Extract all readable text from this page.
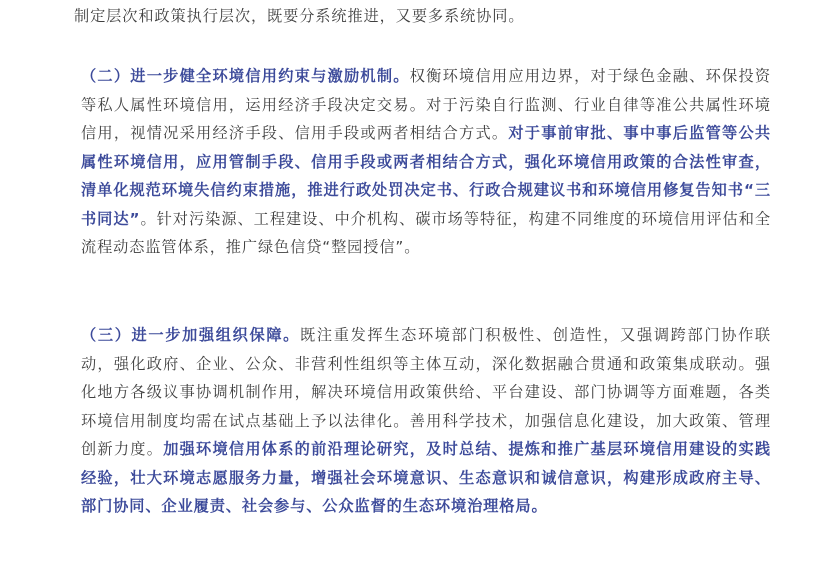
制定层次和政策执行层次，既要分系统推进，又要多系统协同。

（二）进一步健全环境信用约束与激励机制。权衡环境信用应用边界，对于绿色金融、环保投资等私人属性环境信用，运用经济手段决定交易。对于污染自行监测、行业自律等准公共属性环境信用，视情况采用经济手段、信用手段或两者相结合方式。对于事前审批、事中事后监管等公共属性环境信用，应用管制手段、信用手段或两者相结合方式，强化环境信用政策的合法性审查，清单化规范环境失信约束措施，推进行政处罚决定书、行政合规建议书和环境信用修复告知书“三书同达”。针对污染源、工程建设、中介机构、碳市场等特征，构建不同维度的环境信用评估和全流程动态监管体系，推广绿色信贷“整园授信”。

（三）进一步加强组织保障。既注重发挥生态环境部门积极性、创造性，又强调跨部门协作联动，强化政府、企业、公众、非营利性组织等主体互动，深化数据融合贯通和政策集成联动。强化地方各级议事协调机制作用，解决环境信用政策供给、平台建设、部门协调等方面难题，各类环境信用制度均需在试点基础上予以法律化。善用科学技术，加强信息化建设，加大政策、管理创新力度。加强环境信用体系的前沿理论研究，及时总结、提炼和推广基层环境信用建设的实践经验，壮大环境志愿服务力量，增强社会环境意识、生态意识和诚信意识，构建形成政府主导、部门协同、企业履责、社会参与、公众监督的生态环境治理格局。
